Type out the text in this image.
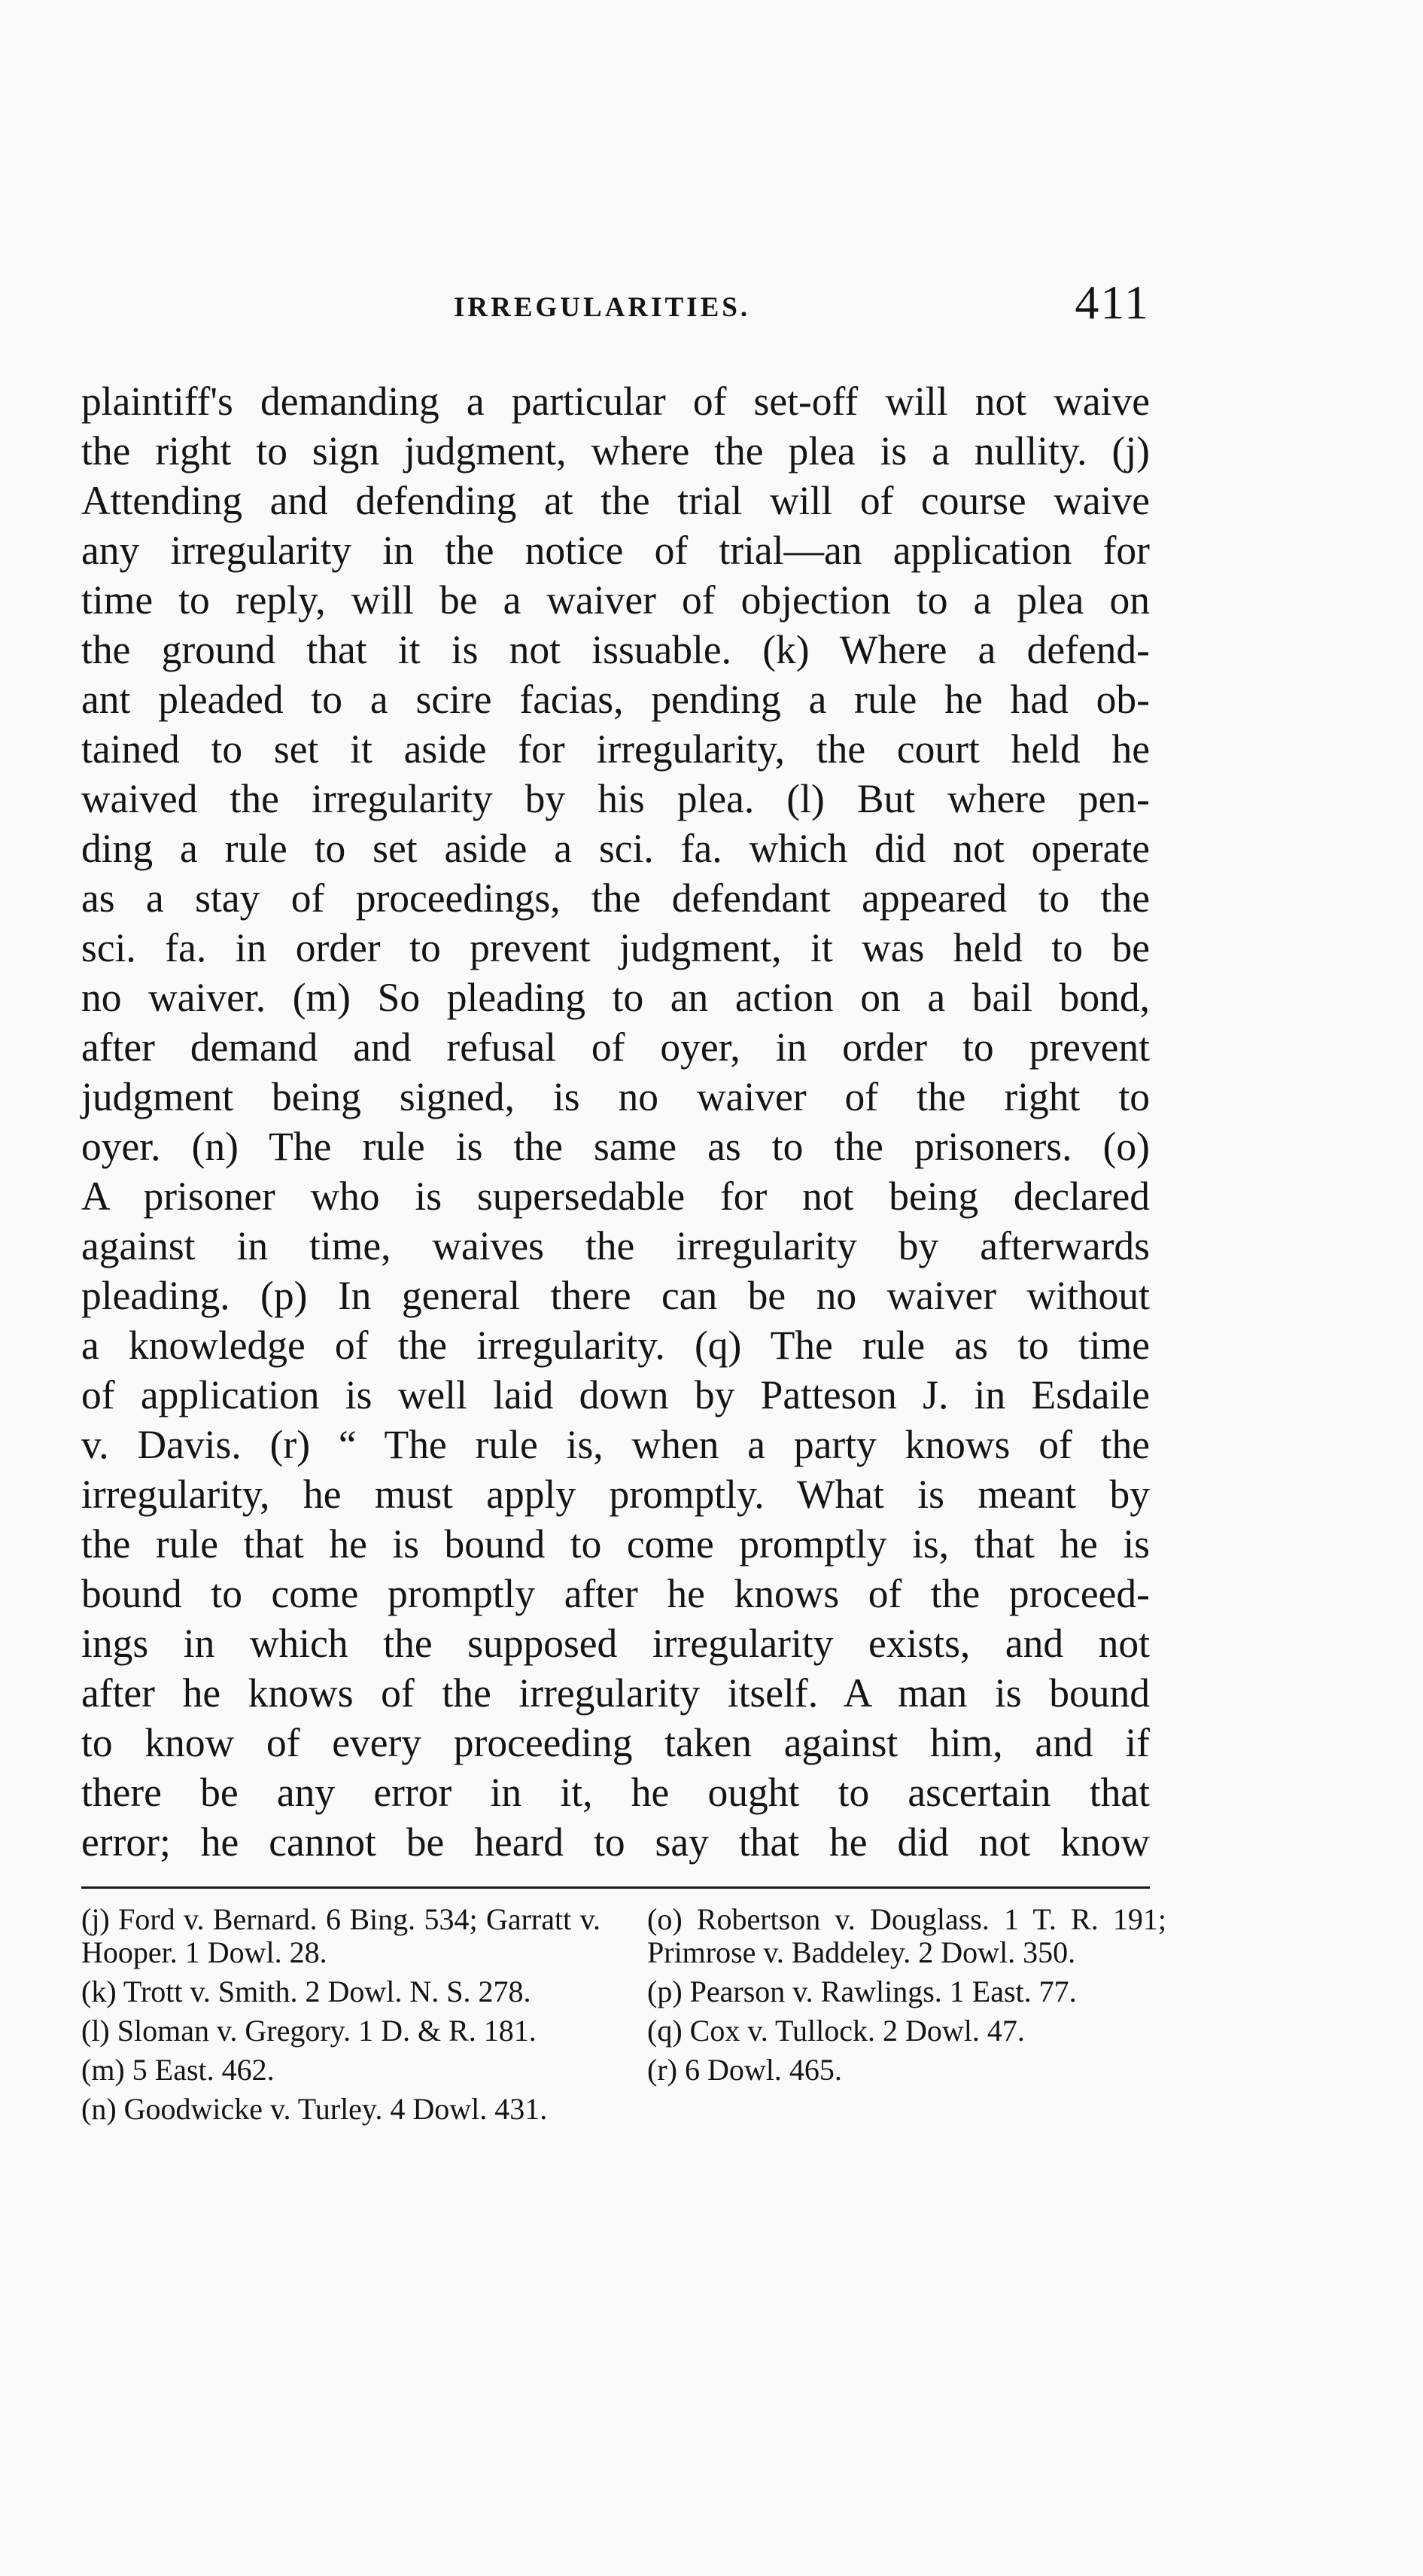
IRREGULARITIES.	411
plaintiff's demanding a particular of set-off will not waive
the right to sign judgment, where the plea is a nullity. (j)
Attending and defending at the trial will of course waive
any irregularity in the notice of trial—an application for
time to reply, will be a waiver of objection to a plea on
the ground that it is not issuable. (k) Where a defend-
ant pleaded to a scire facias, pending a rule he had ob-
tained to set it aside for irregularity, the court held he
waived the irregularity by his plea. (l) But where pen-
ding a rule to set aside a sci. fa. which did not operate
as a stay of proceedings, the defendant appeared to the
sci. fa. in order to prevent judgment, it was held to be
no waiver. (m) So pleading to an action on a bail bond,
after demand and refusal of oyer, in order to prevent
judgment being signed, is no waiver of the right to
oyer. (n) The rule is the same as to the prisoners. (o)
A prisoner who is supersedable for not being declared
against in time, waives the irregularity by afterwards
pleading. (p) In general there can be no waiver without
a knowledge of the irregularity. (q) The rule as to time
of application is well laid down by Patteson J. in Esdaile
v. Davis. (r) “ The rule is, when a party knows of the
irregularity, he must apply promptly. What is meant by
the rule that he is bound to come promptly is, that he is
bound to come promptly after he knows of the proceed-
ings in which the supposed irregularity exists, and not
after he knows of the irregularity itself. A man is bound
to know of every proceeding taken against him, and if
there be any error in it, he ought to ascertain that
error; he cannot be heard to say that he did not know
(j) Ford v. Bernard. 6 Bing. 534; Garratt v. Hooper. 1 Dowl. 28.
(k) Trott v. Smith. 2 Dowl. N. S. 278.
(l) Sloman v. Gregory. 1 D. & R. 181.
(m) 5 East. 462.
(n) Goodwicke v. Turley. 4 Dowl. 431.
(o) Robertson v. Douglass. 1 T. R. 191; Primrose v. Baddeley. 2 Dowl. 350.
(p) Pearson v. Rawlings. 1 East. 77.
(q) Cox v. Tullock. 2 Dowl. 47.
(r) 6 Dowl. 465.
